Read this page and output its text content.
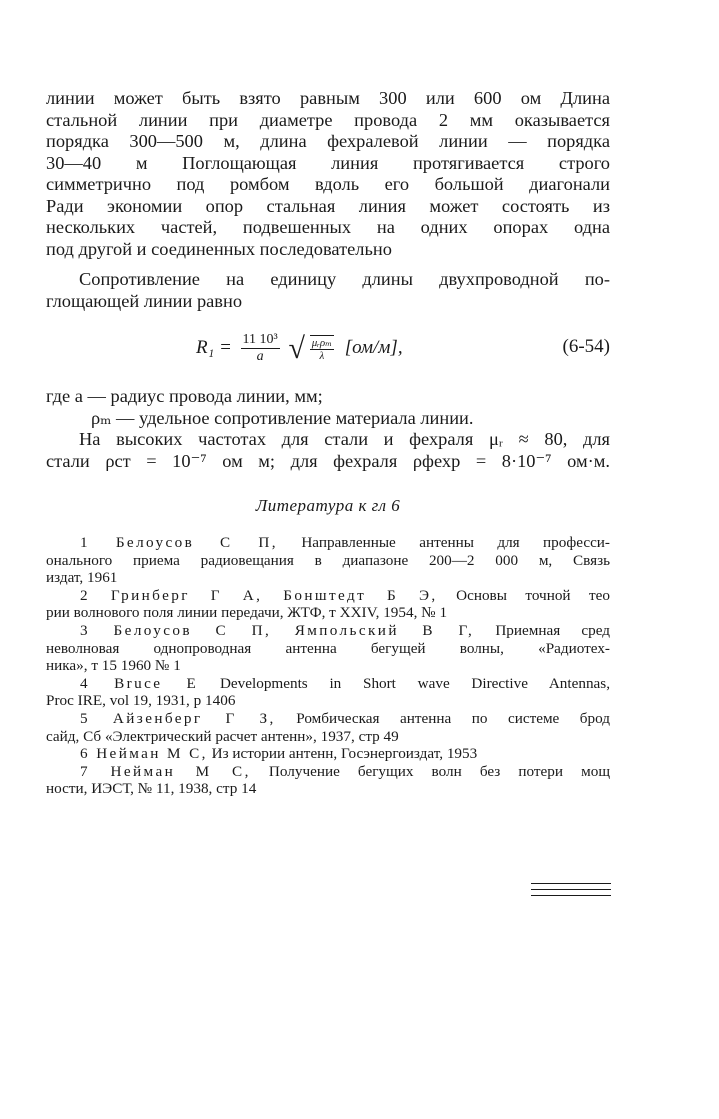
линии может быть взято равным 300 или 600 ом Длина
стальной линии при диаметре провода 2 мм оказывается
порядка 300—500 м, длина фехралевой линии — порядка
30—40 м Поглощающая линия протягивается строго
симметрично под ромбом вдоль его большой диагонали
Ради экономии опор стальная линия может состоять из
нескольких частей, подвешенных на одних опорах одна
под другой и соединенных последовательно
Сопротивление на единицу длины двухпроводной по-
глощающей линии равно
$R_1 = \frac{\text{11 10³}}{a}$ √ $\frac{\text{μᵣρₘ}}{\lambda} [ом/м]$,	(6-54)
где a — радиус провода линии, мм;
ρₘ — удельное сопротивление материала линии.
На высоких частотах для стали и фехраля μᵣ ≈ 80, для
стали ρст = 10⁻⁷ ом м; для фехраля ρфехр = 8·10⁻⁷ ом·м.
Литература к гл 6
1 Белоусов С П, Направленные антенны для професси-
онального приема радиовещания в диапазоне 200—2 000 м, Связь
издат, 1961
2 Гринберг Г А, Бонштедт Б Э, Основы точной тео
рии волнового поля линии передачи, ЖТФ, т XXIV, 1954, № 1
3 Белоусов С П, Ямпольский В Г, Приемная сред
неволновая однопроводная антенна бегущей волны, «Радиотех-
ника», т 15 1960 № 1
4 Bruce E Developments in Short wave Directive Antennas,
Proc IRE, vol 19, 1931, p 1406
5 Айзенберг Г З, Ромбическая антенна по системе брод
сайд, Сб «Электрический расчет антенн», 1937, стр 49
6 Нейман М С, Из истории антенн, Госэнергоиздат, 1953
7 Нейман М С, Получение бегущих волн без потери мощ
ности, ИЭСТ, № 11, 1938, стр 14
